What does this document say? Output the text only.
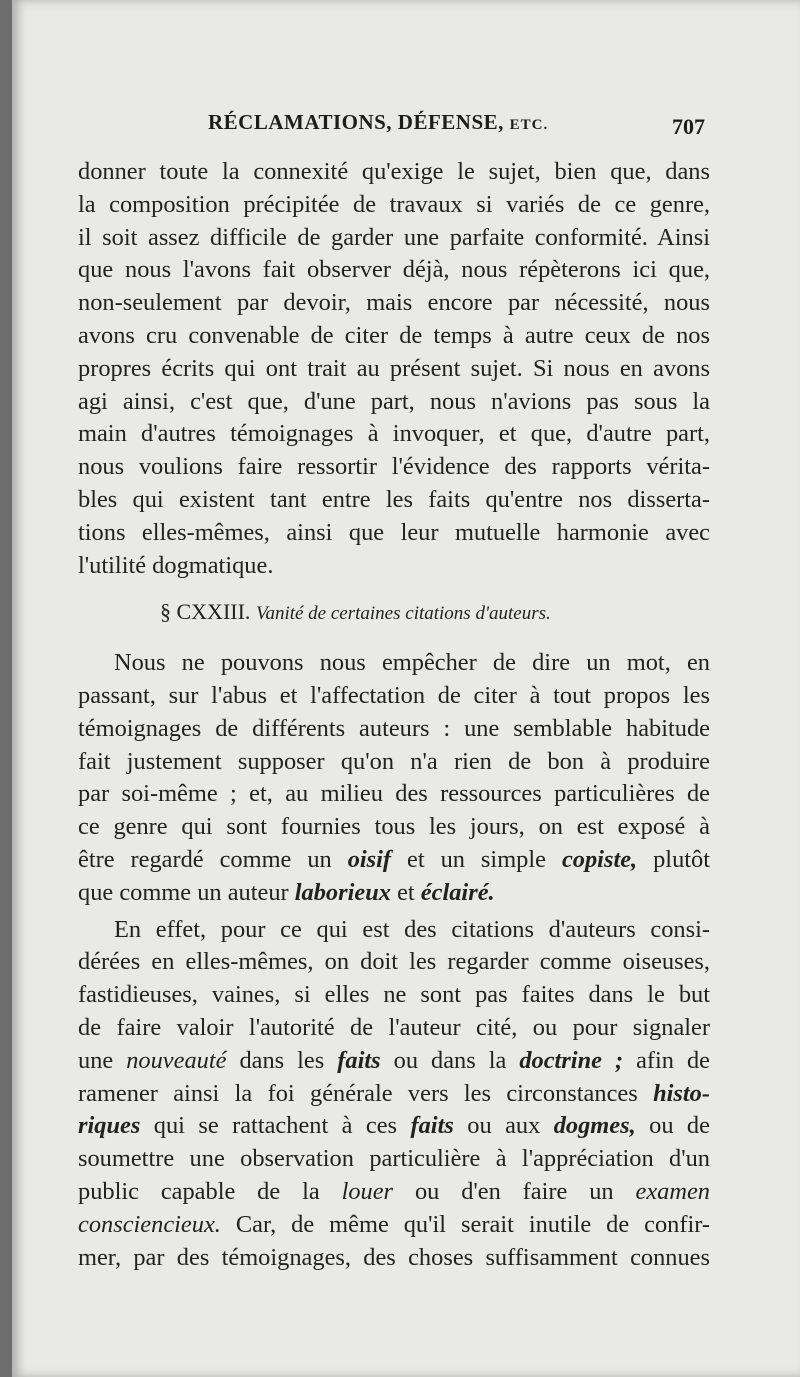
RÉCLAMATIONS, DÉFENSE, ETC.	707
donner toute la connexité qu'exige le sujet, bien que, dans
la composition précipitée de travaux si variés de ce genre,
il soit assez difficile de garder une parfaite conformité. Ainsi
que nous l'avons fait observer déjà, nous répèterons ici que,
non-seulement par devoir, mais encore par nécessité, nous
avons cru convenable de citer de temps à autre ceux de nos
propres écrits qui ont trait au présent sujet. Si nous en avons
agi ainsi, c'est que, d'une part, nous n'avions pas sous la
main d'autres témoignages à invoquer, et que, d'autre part,
nous voulions faire ressortir l'évidence des rapports vérita-
bles qui existent tant entre les faits qu'entre nos disserta-
tions elles-mêmes, ainsi que leur mutuelle harmonie avec
l'utilité dogmatique.
§ CXXIII. Vanité de certaines citations d'auteurs.
Nous ne pouvons nous empêcher de dire un mot, en
passant, sur l'abus et l'affectation de citer à tout propos les
témoignages de différents auteurs : une semblable habitude
fait justement supposer qu'on n'a rien de bon à produire
par soi-même ; et, au milieu des ressources particulières de
ce genre qui sont fournies tous les jours, on est exposé à
être regardé comme un oisif et un simple copiste, plutôt
que comme un auteur laborieux et éclairé.
En effet, pour ce qui est des citations d'auteurs consi-
dérées en elles-mêmes, on doit les regarder comme oiseuses,
fastidieuses, vaines, si elles ne sont pas faites dans le but
de faire valoir l'autorité de l'auteur cité, ou pour signaler
une nouveauté dans les faits ou dans la doctrine ; afin de
ramener ainsi la foi générale vers les circonstances histo-
riques qui se rattachent à ces faits ou aux dogmes, ou de
soumettre une observation particulière à l'appréciation d'un
public capable de la louer ou d'en faire un examen
consciencieux. Car, de même qu'il serait inutile de confir-
mer, par des témoignages, des choses suffisamment connues
